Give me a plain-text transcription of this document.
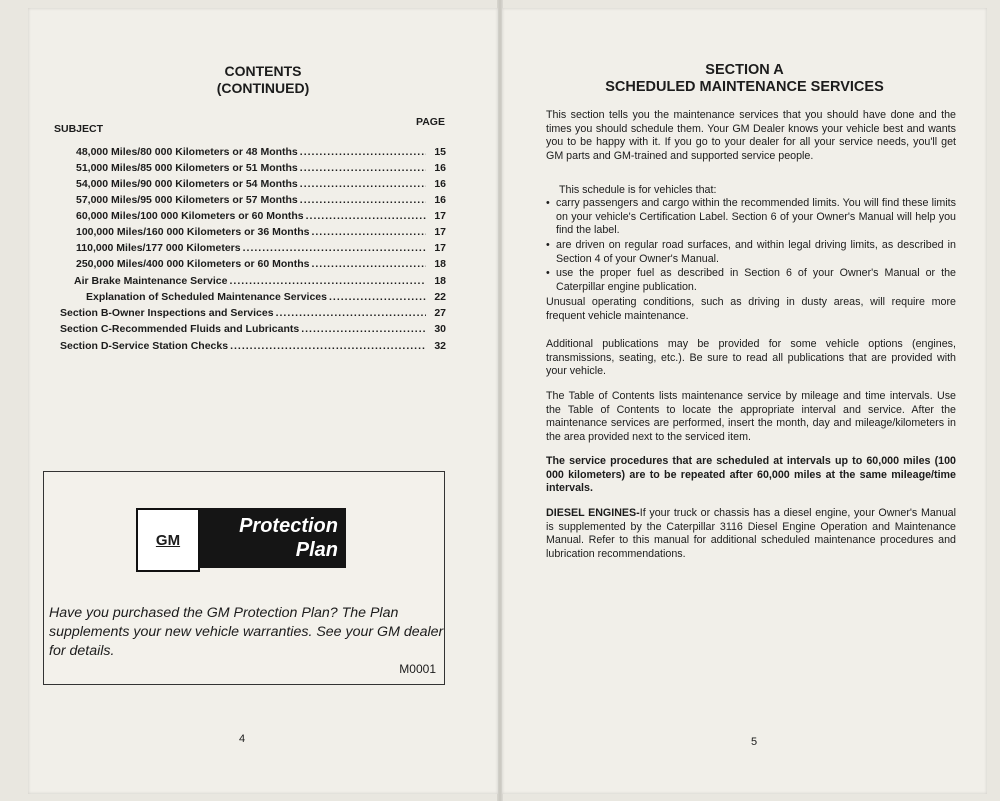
CONTENTS
(CONTINUED)
SUBJECT
PAGE
48,000 Miles/80 000 Kilometers or 48 Months .....	15
51,000 Miles/85 000 Kilometers or 51 Months .....	16
54,000 Miles/90 000 Kilometers or 54 Months .....	16
57,000 Miles/95 000 Kilometers or 57 Months .....	16
60,000 Miles/100 000 Kilometers or 60 Months .....	17
100,000 Miles/160 000 Kilometers or 36 Months .....	17
110,000 Miles/177 000 Kilometers .....	17
250,000 Miles/400 000 Kilometers or 60 Months .....	18
Air Brake Maintenance Service .....	18
Explanation of Scheduled Maintenance Services .....	22
Section B-Owner Inspections and Services .....	27
Section C-Recommended Fluids and Lubricants .....	30
Section D-Service Station Checks .....	32
GM
Protection
Plan
Have you purchased the GM Protection Plan? The Plan supplements your new vehicle warranties. See your GM dealer for details.
M0001
4
SECTION A
SCHEDULED MAINTENANCE SERVICES
This section tells you the maintenance services that you should have done and the times you should schedule them. Your GM Dealer knows your vehicle best and wants you to be happy with it. If you go to your dealer for all your service needs, you'll get GM parts and GM-trained and supported service people.
This schedule is for vehicles that:
• carry passengers and cargo within the recommended limits. You will find these limits on your vehicle's Certification Label. Section 6 of your Owner's Manual will help you find the label.
• are driven on regular road surfaces, and within legal driving limits, as described in Section 4 of your Owner's Manual.
• use the proper fuel as described in Section 6 of your Owner's Manual or the Caterpillar engine publication.
Unusual operating conditions, such as driving in dusty areas, will require more frequent vehicle maintenance.
Additional publications may be provided for some vehicle options (engines, transmissions, seating, etc.). Be sure to read all publications that are provided with your vehicle.
The Table of Contents lists maintenance service by mileage and time intervals. Use the Table of Contents to locate the appropriate interval and service. After the maintenance services are performed, insert the month, day and mileage/kilometers in the area provided next to the serviced item.
The service procedures that are scheduled at intervals up to 60,000 miles (100 000 kilometers) are to be repeated after 60,000 miles at the same mileage/time intervals.
DIESEL ENGINES-If your truck or chassis has a diesel engine, your Owner's Manual is supplemented by the Caterpillar 3116 Diesel Engine Operation and Maintenance Manual. Refer to this manual for additional scheduled maintenance procedures and lubrication recommendations.
5
